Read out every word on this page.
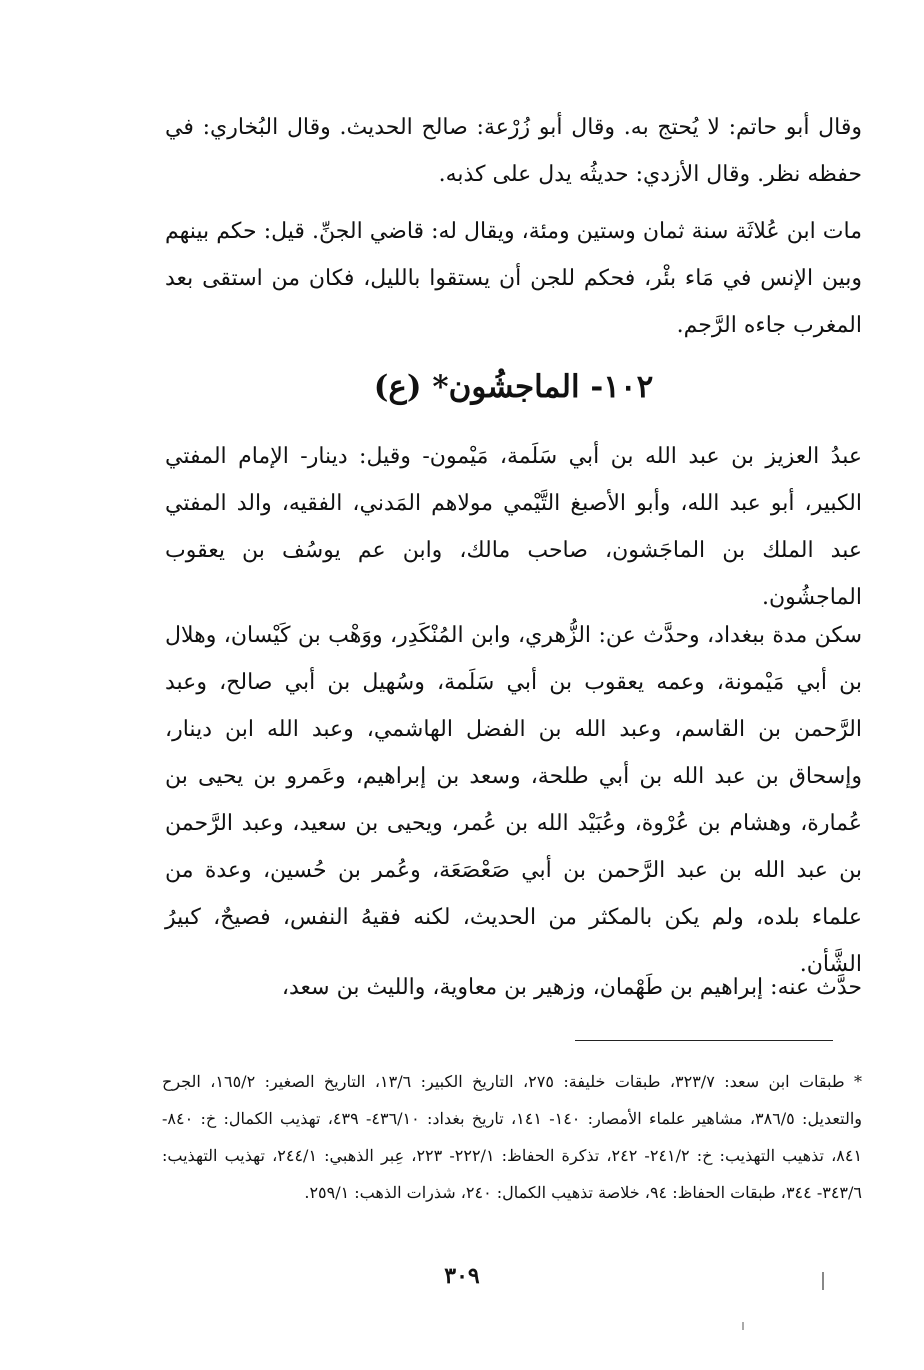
وقال أبو حاتم: لا يُحتج به. وقال أبو زُرْعة: صالح الحديث. وقال البُخاري: في حفظه نظر. وقال الأزدي: حديثُه يدل على كذبه.

مات ابن عُلاثَة سنة ثمان وستين ومئة، ويقال له: قاضي الجنِّ. قيل: حكم بينهم وبين الإنس في مَاء بئْر، فحكم للجن أن يستقوا بالليل، فكان من استقى بعد المغرب جاءه الرَّجم.

١٠٢- الماجشُون* (ع)

عبدُ العزيز بن عبد الله بن أبي سَلَمة، مَيْمون- وقيل: دينار- الإمام المفتي الكبير، أبو عبد الله، وأبو الأصبغ التَّيْمي مولاهم المَدني، الفقيه، والد المفتي عبد الملك بن الماجَشون، صاحب مالك، وابن عم يوسُف بن يعقوب الماجشُون.

سكن مدة ببغداد، وحدَّث عن: الزُّهري، وابن المُنْكَدِر، ووَهْب بن كَيْسان، وهلال بن أبي مَيْمونة، وعمه يعقوب بن أبي سَلَمة، وسُهيل بن أبي صالح، وعبد الرَّحمن بن القاسم، وعبد الله بن الفضل الهاشمي، وعبد الله ابن دينار، وإسحاق بن عبد الله بن أبي طلحة، وسعد بن إبراهيم، وعَمرو بن يحيى بن عُمارة، وهشام بن عُرْوة، وعُبَيْد الله بن عُمر، ويحيى بن سعيد، وعبد الرَّحمن بن عبد الله بن عبد الرَّحمن بن أبي صَعْصَعَة، وعُمر بن حُسين، وعدة من علماء بلده، ولم يكن بالمكثر من الحديث، لكنه فقيهُ النفس، فصيحٌ، كبيرُ الشَّأن.

حدَّث عنه: إبراهيم بن طَهْمان، وزهير بن معاوية، والليث بن سعد،

* طبقات ابن سعد: ٣٢٣/٧، طبقات خليفة: ٢٧٥، التاريخ الكبير: ١٣/٦، التاريخ الصغير: ١٦٥/٢، الجرح والتعديل: ٣٨٦/٥، مشاهير علماء الأمصار: ١٤٠- ١٤١، تاريخ بغداد: ٤٣٦/١٠- ٤٣٩، تهذيب الكمال: خ: ٨٤٠- ٨٤١، تذهيب التهذيب: خ: ٢٤١/٢- ٢٤٢، تذكرة الحفاظ: ٢٢٢/١- ٢٢٣، عِبر الذهبي: ٢٤٤/١، تهذيب التهذيب: ٣٤٣/٦- ٣٤٤، طبقات الحفاظ: ٩٤، خلاصة تذهيب الكمال: ٢٤٠، شذرات الذهب: ٢٥٩/١.
٣٠٩
